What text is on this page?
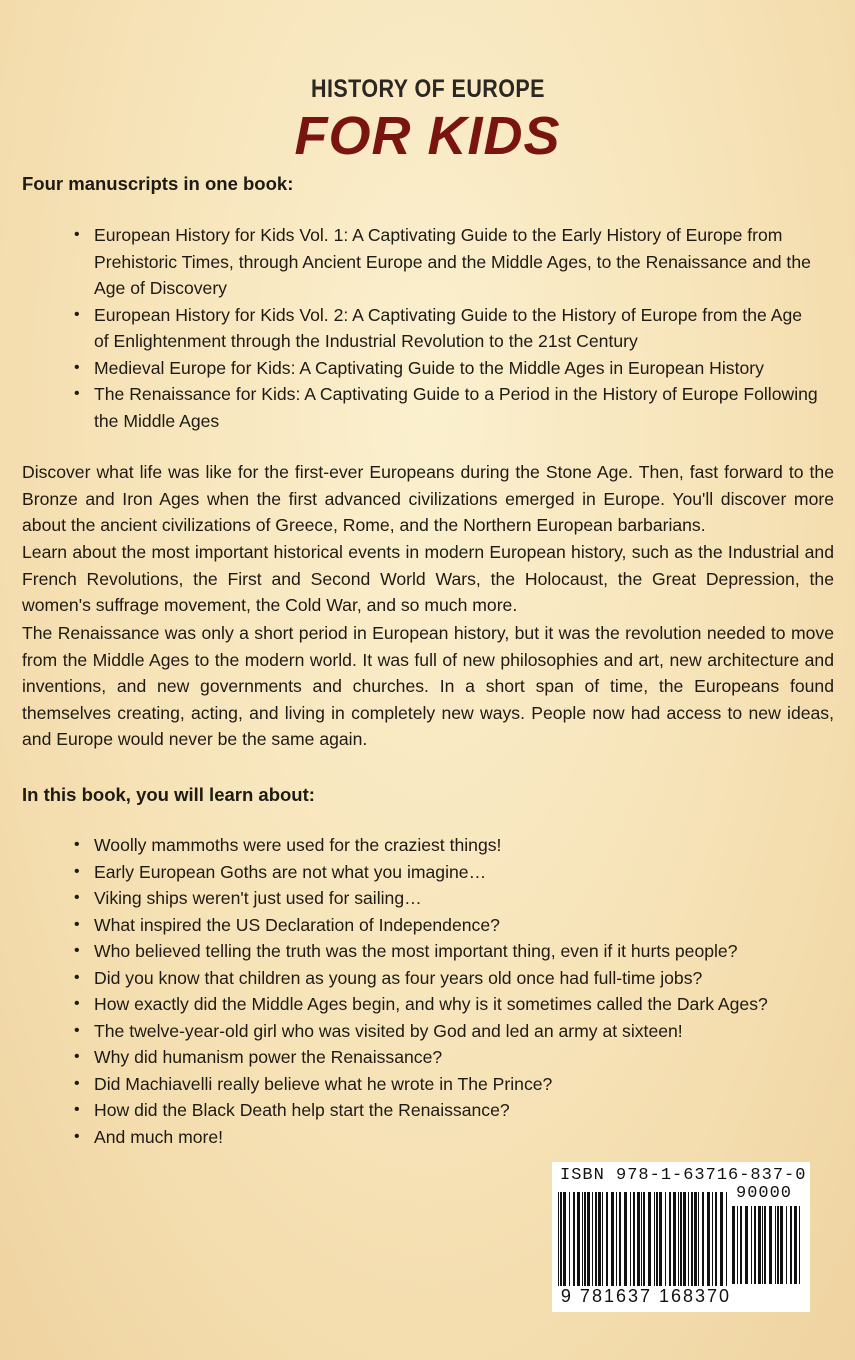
HISTORY OF EUROPE
FOR KIDS
Four manuscripts in one book:
• European History for Kids Vol. 1: A Captivating Guide to the Early History of Europe from Prehistoric Times, through Ancient Europe and the Middle Ages, to the Renaissance and the Age of Discovery
• European History for Kids Vol. 2: A Captivating Guide to the History of Europe from the Age of Enlightenment through the Industrial Revolution to the 21st Century
• Medieval Europe for Kids: A Captivating Guide to the Middle Ages in European History
• The Renaissance for Kids: A Captivating Guide to a Period in the History of Europe Following the Middle Ages

Discover what life was like for the first-ever Europeans during the Stone Age. Then, fast forward to the Bronze and Iron Ages when the first advanced civilizations emerged in Europe. You'll discover more about the ancient civilizations of Greece, Rome, and the Northern European barbarians.

Learn about the most important historical events in modern European history, such as the Industrial and French Revolutions, the First and Second World Wars, the Holocaust, the Great Depression, the women's suffrage movement, the Cold War, and so much more.

The Renaissance was only a short period in European history, but it was the revolution needed to move from the Middle Ages to the modern world. It was full of new philosophies and art, new architecture and inventions, and new governments and churches. In a short span of time, the Europeans found themselves creating, acting, and living in completely new ways. People now had access to new ideas, and Europe would never be the same again.

In this book, you will learn about:
• Woolly mammoths were used for the craziest things!
• Early European Goths are not what you imagine…
• Viking ships weren't just used for sailing…
• What inspired the US Declaration of Independence?
• Who believed telling the truth was the most important thing, even if it hurts people?
• Did you know that children as young as four years old once had full-time jobs?
• How exactly did the Middle Ages begin, and why is it sometimes called the Dark Ages?
• The twelve-year-old girl who was visited by God and led an army at sixteen!
• Why did humanism power the Renaissance?
• Did Machiavelli really believe what he wrote in The Prince?
• How did the Black Death help start the Renaissance?
• And much more!
ISBN 978-1-63716-837-0
90000
9 781637 168370
